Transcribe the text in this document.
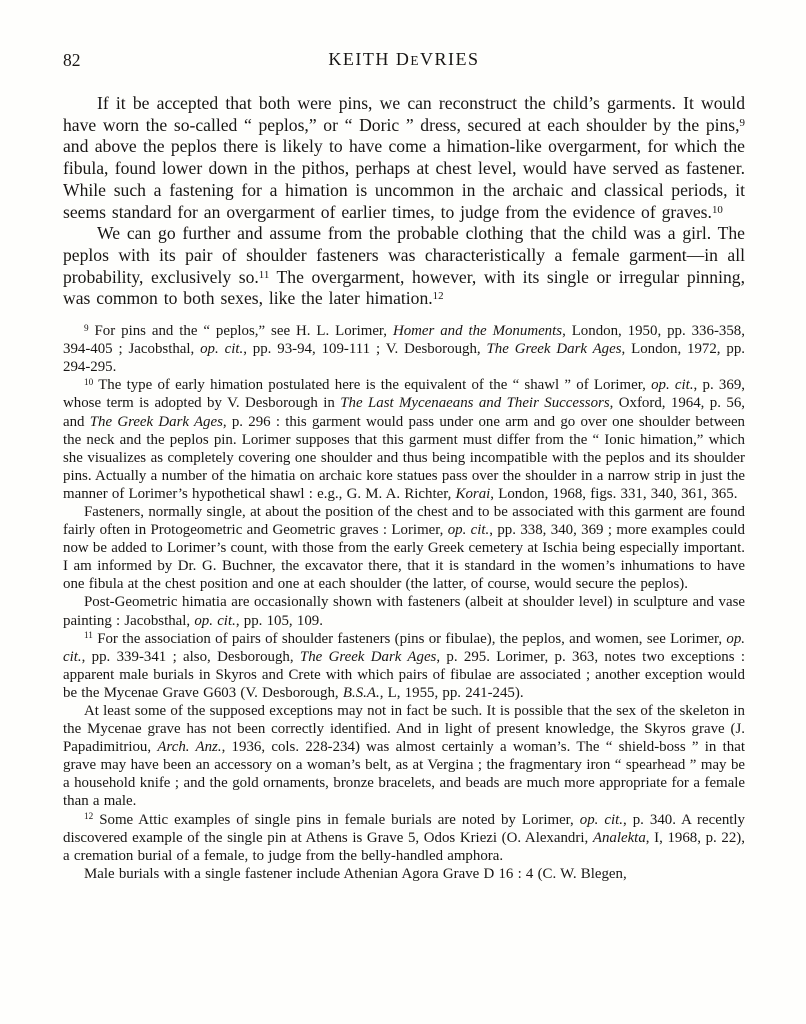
82	KEITH DEVRIES

If it be accepted that both were pins, we can reconstruct the child’s garments. It would have worn the so-called “ peplos,” or “ Doric ” dress, secured at each shoulder by the pins,$^9$ and above the peplos there is likely to have come a himation-like overgarment, for which the fibula, found lower down in the pithos, perhaps at chest level, would have served as fastener. While such a fastening for a himation is uncommon in the archaic and classical periods, it seems standard for an overgarment of earlier times, to judge from the evidence of graves.$^{10}$

We can go further and assume from the probable clothing that the child was a girl. The peplos with its pair of shoulder fasteners was characteristically a female garment—in all probability, exclusively so.$^{11}$ The overgarment, however, with its single or irregular pinning, was common to both sexes, like the later himation.$^{12}$

$^9$ For pins and the “ peplos,” see H. L. Lorimer, Homer and the Monuments, London, 1950, pp. 336-358, 394-405 ; Jacobsthal, op. cit., pp. 93-94, 109-111 ; V. Desborough, The Greek Dark Ages, London, 1972, pp. 294-295.

$^{10}$ The type of early himation postulated here is the equivalent of the “ shawl ” of Lorimer, op. cit., p. 369, whose term is adopted by V. Desborough in The Last Mycenaeans and Their Successors, Oxford, 1964, p. 56, and The Greek Dark Ages, p. 296 : this garment would pass under one arm and go over one shoulder between the neck and the peplos pin. Lorimer supposes that this garment must differ from the “ Ionic himation,” which she visualizes as completely covering one shoulder and thus being incompatible with the peplos and its shoulder pins. Actually a number of the himatia on archaic kore statues pass over the shoulder in a narrow strip in just the manner of Lorimer’s hypothetical shawl : e.g., G. M. A. Richter, Korai, London, 1968, figs. 331, 340, 361, 365.

Fasteners, normally single, at about the position of the chest and to be associated with this garment are found fairly often in Protogeometric and Geometric graves : Lorimer, op. cit., pp. 338, 340, 369 ; more examples could now be added to Lorimer’s count, with those from the early Greek cemetery at Ischia being especially important. I am informed by Dr. G. Buchner, the excavator there, that it is standard in the women’s inhumations to have one fibula at the chest position and one at each shoulder (the latter, of course, would secure the peplos).

Post-Geometric himatia are occasionally shown with fasteners (albeit at shoulder level) in sculpture and vase painting : Jacobsthal, op. cit., pp. 105, 109.

$^{11}$ For the association of pairs of shoulder fasteners (pins or fibulae), the peplos, and women, see Lorimer, op. cit., pp. 339-341 ; also, Desborough, The Greek Dark Ages, p. 295. Lorimer, p. 363, notes two exceptions : apparent male burials in Skyros and Crete with which pairs of fibulae are associated ; another exception would be the Mycenae Grave G603 (V. Desborough, B.S.A., L, 1955, pp. 241-245).

At least some of the supposed exceptions may not in fact be such. It is possible that the sex of the skeleton in the Mycenae grave has not been correctly identified. And in light of present knowledge, the Skyros grave (J. Papadimitriou, Arch. Anz., 1936, cols. 228-234) was almost certainly a woman’s. The “ shield-boss ” in that grave may have been an accessory on a woman’s belt, as at Vergina ; the fragmentary iron “ spearhead ” may be a household knife ; and the gold ornaments, bronze bracelets, and beads are much more appropriate for a female than a male.

$^{12}$ Some Attic examples of single pins in female burials are noted by Lorimer, op. cit., p. 340. A recently discovered example of the single pin at Athens is Grave 5, Odos Kriezi (O. Alexandri, Analekta, I, 1968, p. 22), a cremation burial of a female, to judge from the belly-handled amphora.

Male burials with a single fastener include Athenian Agora Grave D 16 : 4 (C. W. Blegen,
